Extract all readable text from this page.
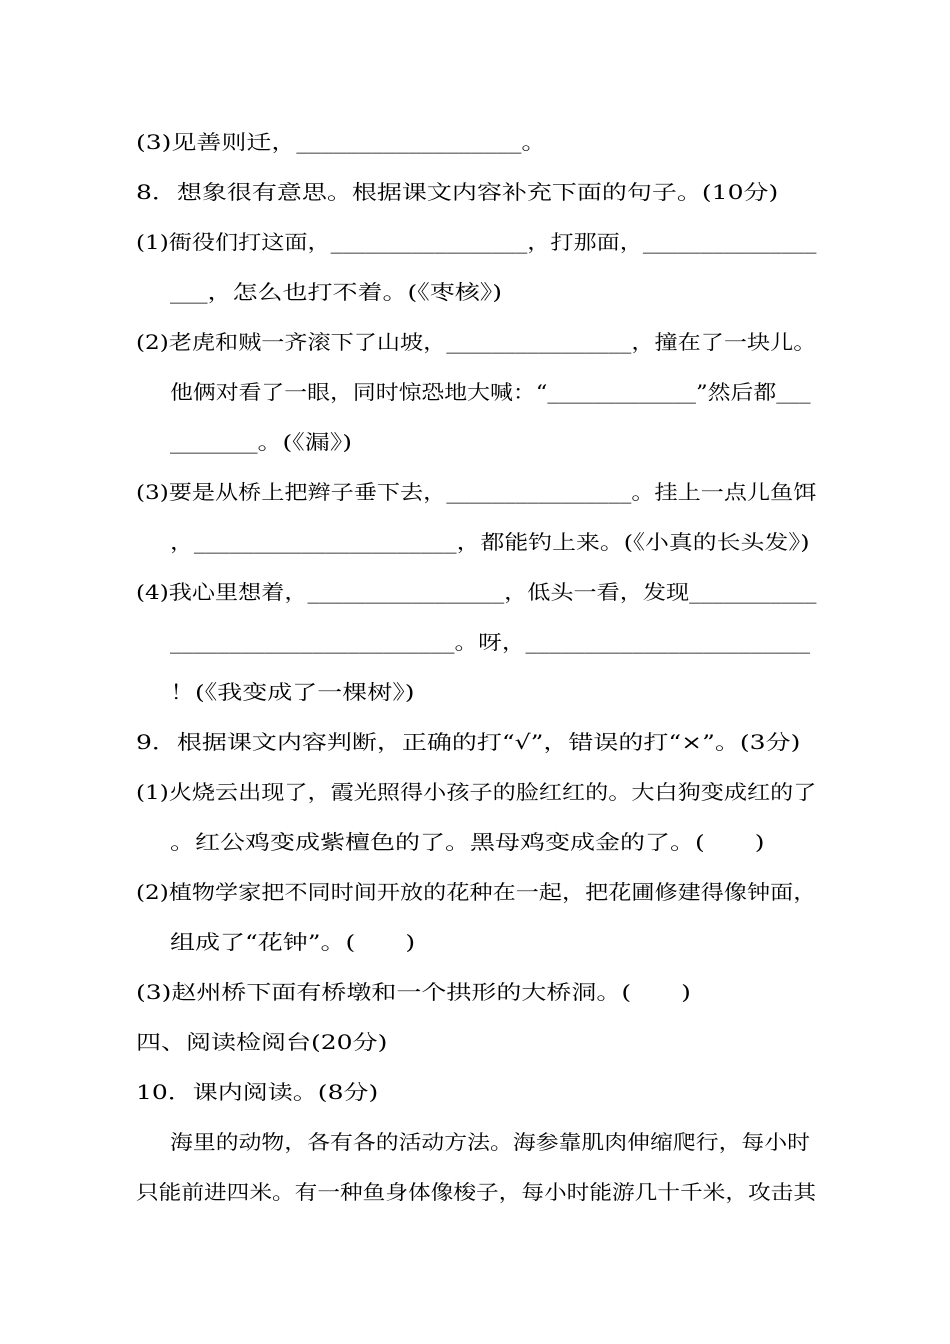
(3)见善则迁，__________________。
8．想象很有意思。根据课文内容补充下面的句子。(10分)
(1)衙役们打这面，_________________，打那面，_______________
___，怎么也打不着。(《枣核》)
(2)老虎和贼一齐滚下了山坡，________________，撞在了一块儿。
他俩对看了一眼，同时惊恐地大喊：“_____________”然后都___
_______。(《漏》)
(3)要是从桥上把辫子垂下去，________________。挂上一点儿鱼饵
，______________________，都能钓上来。(《小真的长头发》)
(4)我心里想着，_________________，低头一看，发现___________
________________________。呀，________________________
！(《我变成了一棵树》)
9．根据课文内容判断，正确的打“√”，错误的打“×”。(3分)
(1)火烧云出现了，霞光照得小孩子的脸红红的。大白狗变成红的了
。红公鸡变成紫檀色的了。黑母鸡变成金的了。(　　)
(2)植物学家把不同时间开放的花种在一起，把花圃修建得像钟面，
组成了“花钟”。(　　)
(3)赵州桥下面有桥墩和一个拱形的大桥洞。(　　)
四、阅读检阅台(20分)
10．课内阅读。(8分)
海里的动物，各有各的活动方法。海参靠肌肉伸缩爬行，每小时
只能前进四米。有一种鱼身体像梭子，每小时能游几十千米，攻击其
